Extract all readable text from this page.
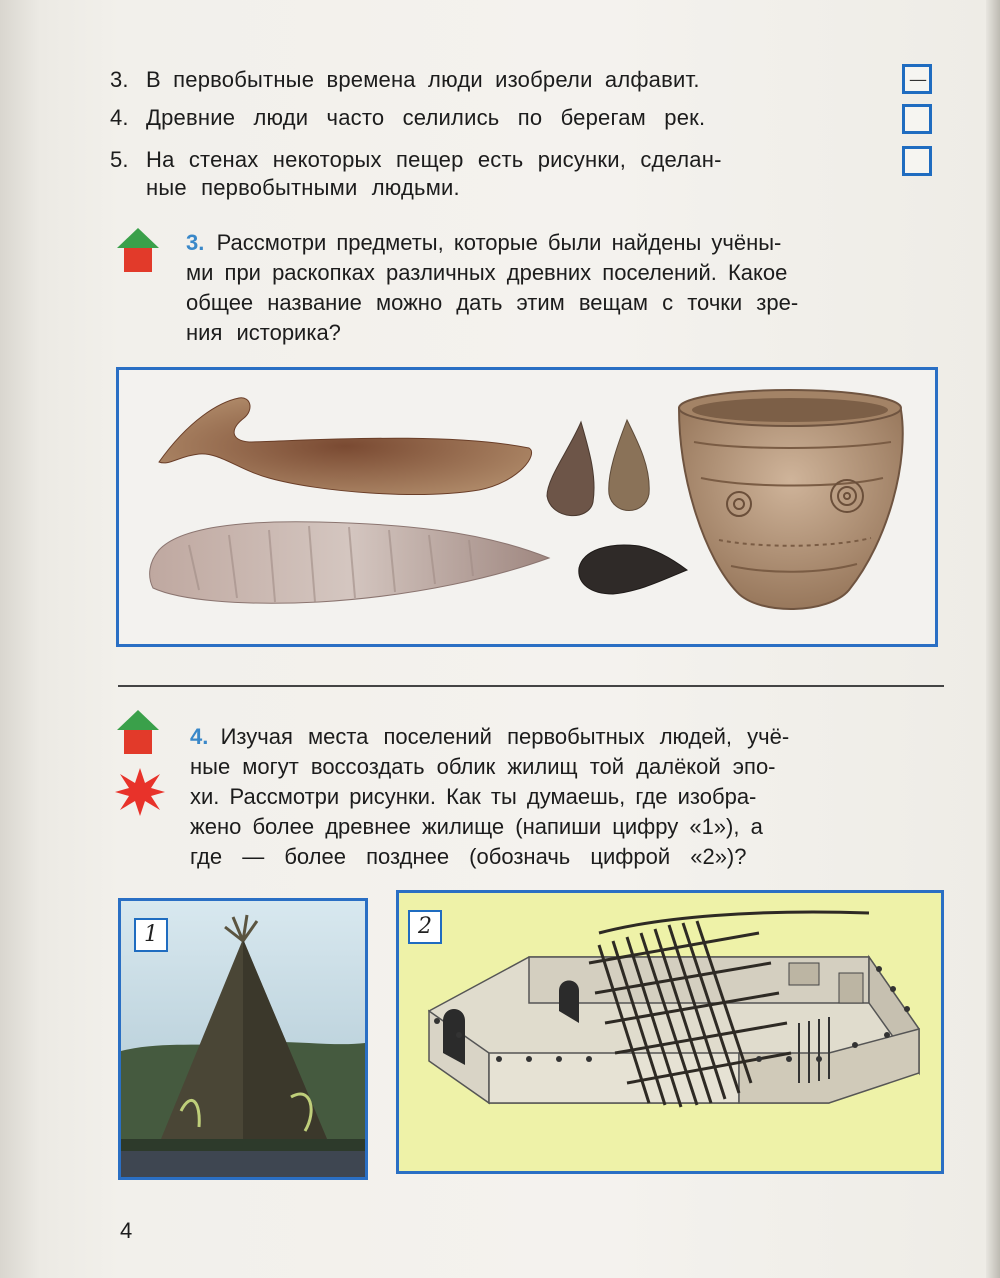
3. В первобытные времена люди изобрели алфавит.	—
4. Древние люди часто селились по берегам рек.
5. На стенах некоторых пещер есть рисунки, сделан-
ные первобытными людьми.

3. Рассмотри предметы, которые были найдены учёны-

ми при раскопках различных древних поселений. Какое

общее название можно дать этим вещам с точки зре-

ния историка?

4. Изучая места поселений первобытных людей, учё-

ные могут воссоздать облик жилищ той далёкой эпо-

хи. Рассмотри рисунки. Как ты думаешь, где изобра-

жено более древнее жилище (напиши цифру «1»), а

где — более позднее (обозначь цифрой «2»)?

1	2
4
